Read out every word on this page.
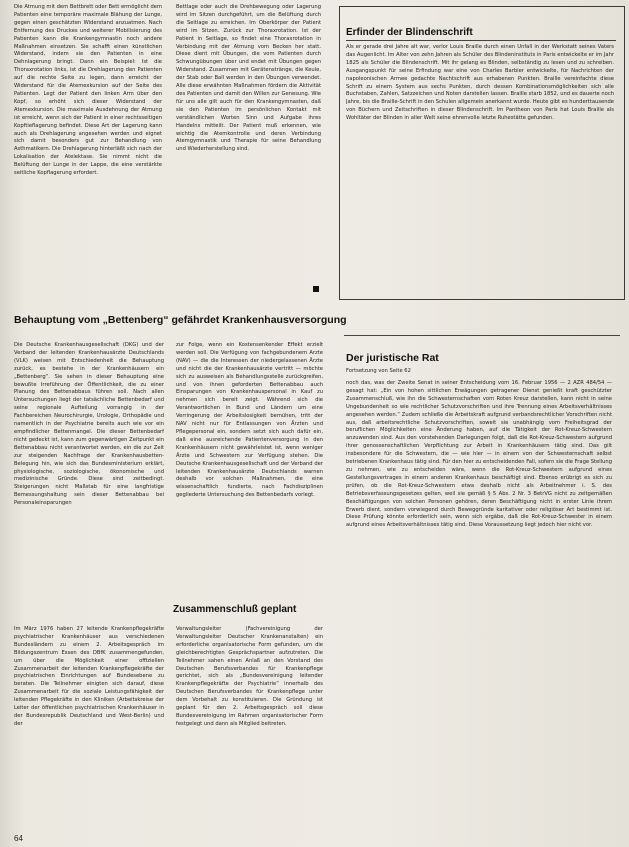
Die Atmung mit dem Bettbrett oder Bett ermöglicht dem Patienten eine temporäre maximale Blähung der Lunge, gegen einen geschätzten Widerstand anzuatmen. Nach Entfernung des Druckes und weiterer Mobilisierung des Patienten kann die Krankengymnastin noch andere Maßnahmen einsetzen. Sie schafft einen künstlichen Widerstand, indem sie den Patienten in eine Dehnlagerung bringt. Dann ein Beispiel: Ist die Thoraxrotation links, ist die Drehlagerung den Patienten auf die rechte Seite zu legen, dann erreicht der Widerstand für die Atemexkursion auf der Seite des Patienten. Legt der Patient den linken Arm über den Kopf, so erhöht sich dieser Widerstand der Atemexkursion. Die maximale Ausdehnung der Atmung ist erreicht, wenn sich der Patient in einer rechtsseitigen Kopftieflagerung befindet. Diese Art der Lagerung kann auch als Drehlagerung angesehen werden und eignet sich damit besonders gut zur Behandlung von Asthmatikern. Die Drehlagerung hinterläßt sich nach der Lokalisation der Atelektase. Sie nimmt nicht die Belüftung der Lunge in der Lappe, die eine verstärkte seitliche Kopflagerung erfordert.

Bettlage oder auch die Drehbewegung oder Lagerung wird im Sitzen durchgeführt, um die Belüftung durch die Seitlage zu erreichen. Im Oberkörper der Patient wird im Sitzen. Zurück zur Thoraxrotation. Ist der Patient in Seitlage, so findet eine Thoraxrotation in Verbindung mit der Atmung vom Becken her statt. Diese dient mit Übungen, die vom Patienten durch Schwungübungen über und endet mit Übungen gegen Widerstand. Zusammen mit Gerätenstränge, die Keule, der Stab oder Ball werden in den Übungen verwendet. Alle diese erwähnten Maßnahmen fördern die Aktivität des Patienten und damit den Willen zur Genesung. Wie für uns alle gilt auch für den Krankengymnasten, daß sie den Patienten im persönlichen Kontakt mit verständlichen Worten Sinn und Aufgabe ihres Handelns mitteilt. Der Patient muß erkennen, wie wichtig die Atemkontrolle und deren Verbindung Atemgymnastik und Therapie für seine Behandlung und Wiederherstellung sind.

Erfinder der Blindenschrift

Als er gerade drei Jahre alt war, verlor Louis Braille durch einen Unfall in der Werkstatt seines Vaters das Augenlicht. Im Alter von zehn Jahren als Schüler des Blindeninstituts in Paris entwickelte er im Jahr 1825 als Schüler die Blindenschrift. Mit ihr gelang es Blinden, selbständig zu lesen und zu schreiben. Ausgangspunkt für seine Erfindung war eine von Charles Barbier entwickelte, für Nachrichten der napoleonischen Armee gedachte Nachtschrift aus erhabenen Punkten. Braille vereinfachte diese Schrift zu einem System aus sechs Punkten, durch dessen Kombinationsmöglichkeiten sich alle Buchstaben, Zahlen, Satzzeichen und Noten darstellen lassen. Braille starb 1852, und es dauerte noch Jahre, bis die Braille-Schrift in den Schulen allgemein anerkannt wurde. Heute gibt es hunderttausende von Büchern und Zeitschriften in dieser Blindenschrift. Im Pantheon von Paris hat Louis Braille als Wohltäter der Blinden in aller Welt seine ehrenvolle letzte Ruhestätte gefunden.

Behauptung vom „Bettenberg“ gefährdet Krankenhausversorgung

Die Deutsche Krankenhausgesellschaft (DKG) und der Verband der leitenden Krankenhausärzte Deutschlands (VLK) weisen mit Entschiedenheit die Behauptung zurück, es bestehe in der Krankenhäusern ein „Bettenberg“. Sie sehen in dieser Behauptung eine bewußte Irreführung der Öffentlichkeit, die zu einer Planung des Bettenabbaus führen soll. Nach allen Untersuchungen liegt der tatsächliche Bettenbedarf und seine regionale Aufteilung vorrangig in der Fachbereichen Neurochirurgie, Urologie, Orthopädie und namentlich in der Psychiatrie bereits auch wie vor ein empfindlicher Bettenmangel. Die dieser Bettenbedarf nicht gedeckt ist, kann zum gegenwärtigen Zeitpunkt ein Bettenabbau nicht verantwortet werden, ein die zur Zeit zur steigenden Nachfrage der Krankenhausbetten-Belegung hin, wie sich das Bundesministerium erklärt, physiologische, soziologische, ökonomische und medizinische Gründe. Diese sind zeitbedingt. Steigerungen nicht Maßstab für eine langfristige Bemessungshaltung sein dieser Bettenabbau bei Personaleinsparungen

zur Folge, wenn ein Kostensenkender Effekt erzielt werden soll. Die Verfügung von fachgebundenem Arzte (NAV) — die die Interessen der niedergelassenen Ärzte und nicht die der Krankenhausärzte vertritt — möchte sich zu ausweisen als Behandlungsstelle zurückgreifen, und von ihnen geforderten Bettenabbau auch Einsparungen von Krankenhauspersonal in Kauf zu nehmen sich bereit zeigt. Während sich die Verantwortlichen in Bund und Ländern um eine Verringerung der Arbeitslosigkeit bemühen, tritt der NAV nicht nur für Entlassungen von Ärzten und Pflegepersonal ein, sondern setzt sich auch dafür ein, daß eine ausreichende Patientenversorgung in den Krankenhäusern nicht gewährleistet ist, wenn weniger Ärzte und Schwestern zur Verfügung stehen. Die Deutsche Krankenhausgesellschaft und der Verband der leitenden Krankenhausärzte Deutschlands warnen deshalb vor solchen Maßnahmen, die eine wissenschaftlich fundierte, nach Fachdisziplinen gegliederte Untersuchung des Bettenbedarfs vorlegt.

Der juristische Rat

Fortsetzung von Seite 62

noch das, was der Zweite Senat in seiner Entscheidung vom 16. Februar 1956 — 2 AZR 484/54 — gesagt hat: „Ein von hohen sittlichen Erwägungen getragener Dienst genießt kraft geschützter Zusammenschluß, wie ihn die Schwesternschaften vom Roten Kreuz darstellen, kann nicht in seine Ungebundenheit so wie rechtlicher Schutzvorschriften und ihre Trennung eines Arbeitsverhältnisses angesehen werden.“ Zudem schließe die Arbeitskraft aufgrund verbandsrechtlicher Vorschriften nicht aus, daß arbeitsrechtliche Schutzvorschriften, soweit sie unabhängig vom Freiheitsgrad der beruflichen Möglichkeiten eine Änderung haben, auf die Tätigkeit der Rot-Kreuz-Schwestern anzuwenden sind. Aus den vorstehenden Darlegungen folgt, daß die Rot-Kreuz-Schwestern aufgrund ihrer genossenschaftlichen Verpflichtung zur Arbeit in Krankenhäusern tätig sind. Das gilt insbesondere für die Schwestern, die — wie hier — in einem von der Schwesternschaft selbst betriebenen Krankenhaus tätig sind. Für den hier zu entscheidenden Fall, sofern sie die Frage Stellung zu nehmen, wie zu entscheiden wäre, wenn die Rot-Kreuz-Schwestern aufgrund eines Gestellungsvertrages in einem anderen Krankenhaus beschäftigt sind. Ebenso erübrigt es sich zu prüfen, ob die Rot-Kreuz-Schwestern etwa deshalb nicht als Arbeitnehmer i. S. des Betriebsverfassungsgesetzes gelten, weil sie gemäß § 5 Abs. 2 Nr. 3 BetrVG nicht zu zeitgemäßen Beschäftigungen von solchen Personen gehören, deren Beschäftigung nicht in erster Linie ihrem Erwerb dient, sondern vorwiegend durch Beweggründe karitativer oder religiöser Art bestimmt ist. Diese Prüfung könnte erforderlich sein, wenn sich ergäbe, daß die Rot-Kreuz-Schwester in einem aufgrund eines Arbeitsverhältnisses tätig sind. Diese Voraussetzung liegt jedoch hier nicht vor.

Zusammenschluß geplant

Im März 1976 haben 27 leitende Krankenpflegekräfte psychiatrischer Krankenhäuser aus verschiedenen Bundesländern zu einem 2. Arbeitsgespräch im Bildungszentrum Essen des DBfK zusammengefunden, um über die Möglichkeit einer offiziellen Zusammenarbeit der leitenden Krankenpflegekräfte der psychiatrischen Einrichtungen auf Bundesebene zu beraten. Die Teilnehmer einigten sich darauf, diese Zusammenarbeit für die soziale Leistungsfähigkeit der leitenden Pflegekräfte in den Kliniken (Arbeitskreise der Leiter der öffentlichen psychiatrischen Krankenhäuser in der Bundesrepublik Deutschland und West-Berlin) und der

Verwaltungsleiter (Fachvereinigung der Verwaltungsleiter Deutscher Krankenanstalten) ein erforderliche organisatorische Form gefunden, um die gleichberechtigten Gesprächspartner aufzutreten. Die Teilnehmer sahen einen Anlaß an den Vorstand des Deutschen Berufsverbandes für Krankenpflege gerichtet, sich als „Bundesvereinigung leitender Krankenpflegekräfte der Psychiatrie“ innerhalb des Deutschen Berufsverbandes für Krankenpflege unter dem Vorbehalt zu konstituieren. Die Gründung ist geplant für den 2. Arbeitsgespräch soll diese Bundesvereinigung im Rahmen organisatorischer Form festgelegt und dann als Mitglied beitreten.

64
